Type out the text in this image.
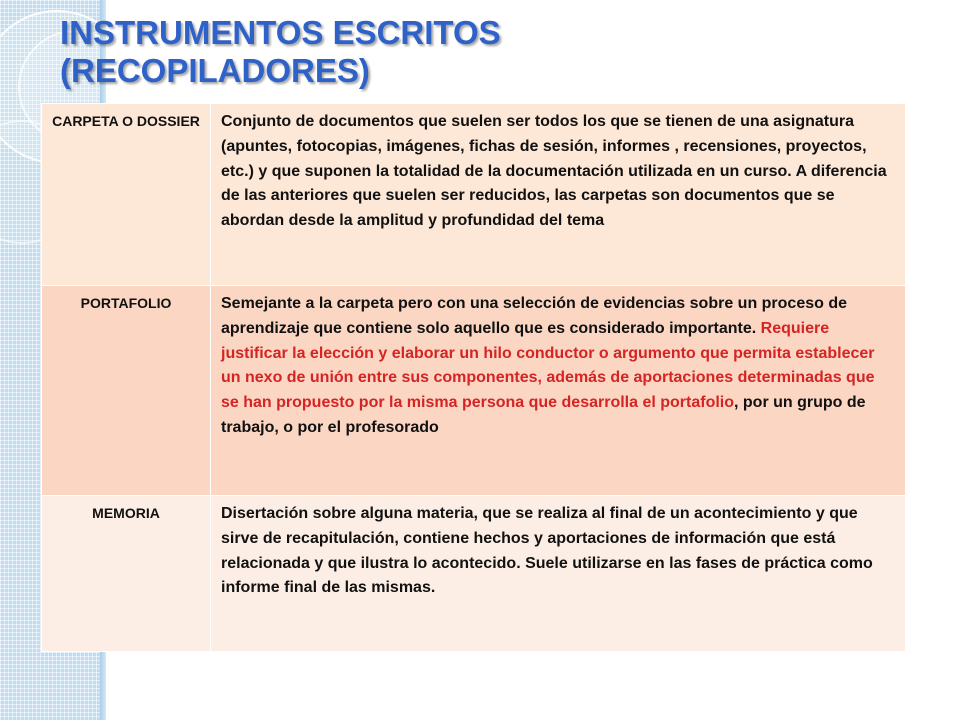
INSTRUMENTOS ESCRITOS
(RECOPILADORES)
CARPETA O DOSSIER	Conjunto de documentos que suelen ser todos los que se tienen de una asignatura (apuntes, fotocopias, imágenes, fichas de sesión, informes , recensiones, proyectos, etc.) y que suponen la totalidad de la documentación utilizada en un curso. A diferencia de las anteriores que suelen ser reducidos, las carpetas son documentos que se abordan desde la amplitud y profundidad del tema
PORTAFOLIO	Semejante a la carpeta pero con una selección de evidencias sobre un proceso de aprendizaje que contiene solo aquello que es considerado importante. Requiere justificar la elección y elaborar un hilo conductor o argumento que permita establecer un nexo de unión entre sus componentes, además de aportaciones determinadas que se han propuesto por la misma persona que desarrolla el portafolio, por un grupo de trabajo, o por el profesorado
MEMORIA	Disertación sobre alguna materia, que se realiza al final de un acontecimiento y que sirve de recapitulación, contiene hechos y aportaciones de información que está relacionada y que ilustra lo acontecido. Suele utilizarse en las fases de práctica como informe final de las mismas.
